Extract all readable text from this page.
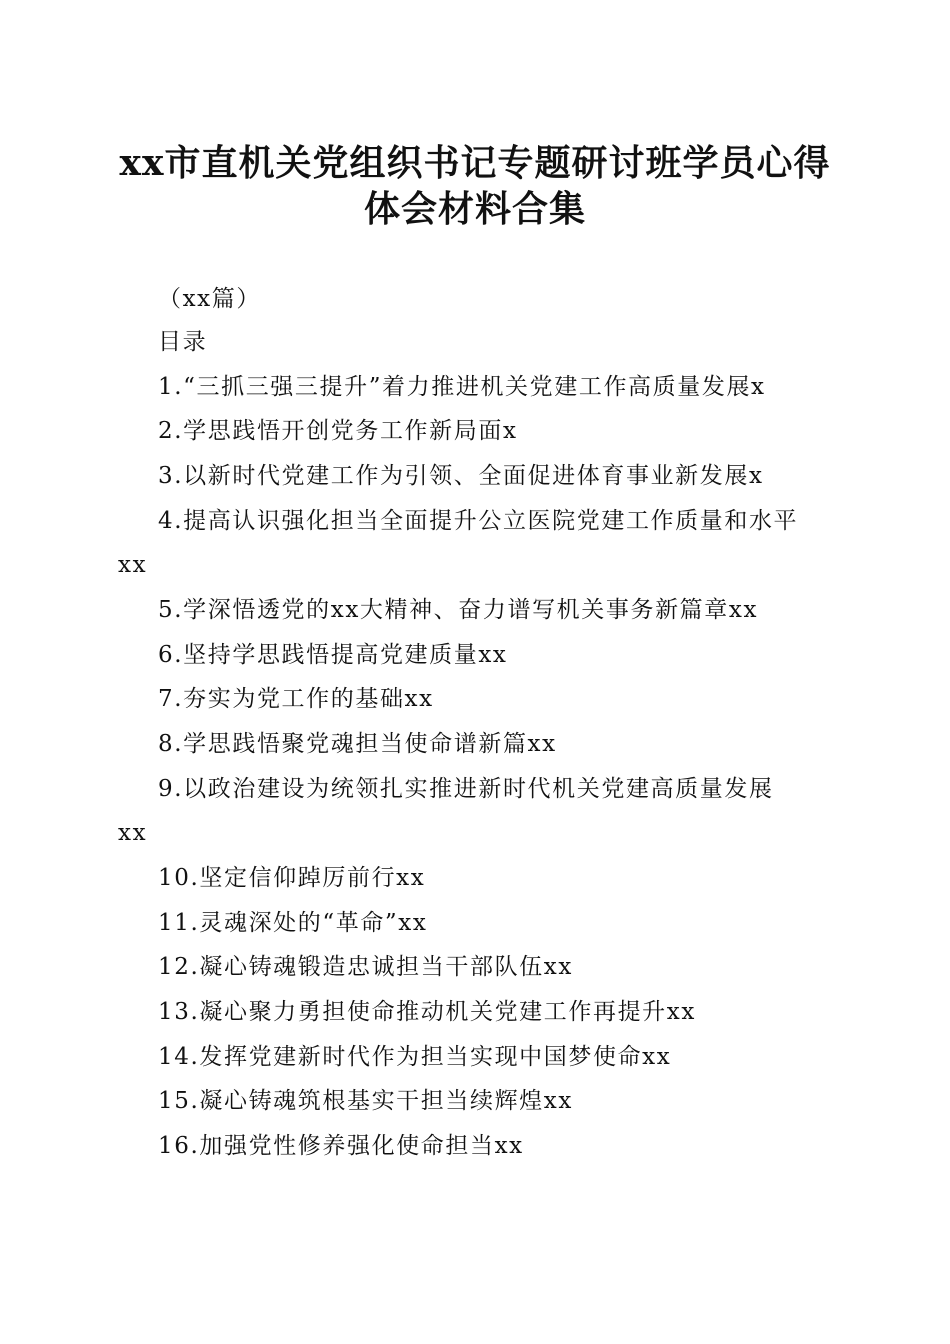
xx市直机关党组织书记专题研讨班学员心得
体会材料合集
（xx篇）
目录
1.“三抓三强三提升”着力推进机关党建工作高质量发展x
2.学思践悟开创党务工作新局面x
3.以新时代党建工作为引领、全面促进体育事业新发展x
4.提高认识强化担当全面提升公立医院党建工作质量和水平
xx
5.学深悟透党的xx大精神、奋力谱写机关事务新篇章xx
6.坚持学思践悟提高党建质量xx
7.夯实为党工作的基础xx
8.学思践悟聚党魂担当使命谱新篇xx
9.以政治建设为统领扎实推进新时代机关党建高质量发展
xx
10.坚定信仰踔厉前行xx
11.灵魂深处的“革命”xx
12.凝心铸魂锻造忠诚担当干部队伍xx
13.凝心聚力勇担使命推动机关党建工作再提升xx
14.发挥党建新时代作为担当实现中国梦使命xx
15.凝心铸魂筑根基实干担当续辉煌xx
16.加强党性修养强化使命担当xx
